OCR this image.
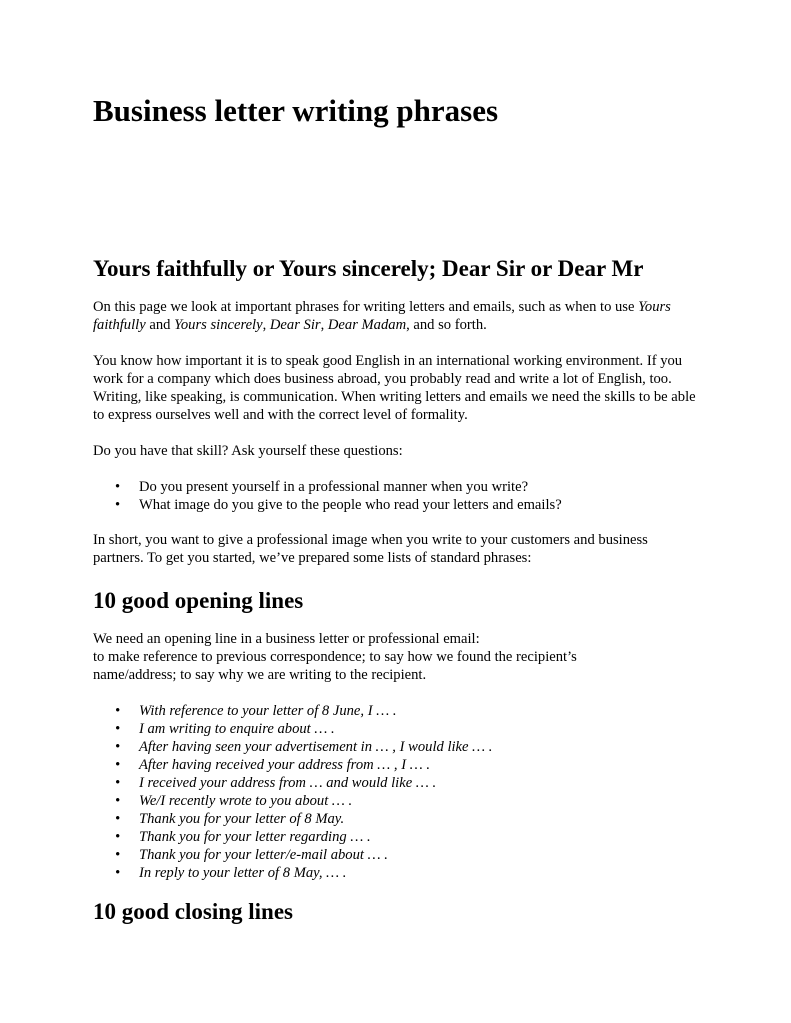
Business letter writing phrases
Yours faithfully or Yours sincerely; Dear Sir or Dear Mr

On this page we look at important phrases for writing letters and emails, such as when to use Yours faithfully and Yours sincerely, Dear Sir, Dear Madam, and so forth.

You know how important it is to speak good English in an international working environment. If you work for a company which does business abroad, you probably read and write a lot of English, too. Writing, like speaking, is communication. When writing letters and emails we need the skills to be able to express ourselves well and with the correct level of formality.

Do you have that skill? Ask yourself these questions:

• Do you present yourself in a professional manner when you write?
• What image do you give to the people who read your letters and emails?

In short, you want to give a professional image when you write to your customers and business partners. To get you started, we’ve prepared some lists of standard phrases:

10 good opening lines

We need an opening line in a business letter or professional email:
to make reference to previous correspondence; to say how we found the recipient’s name/address; to say why we are writing to the recipient.

• With reference to your letter of 8 June, I … .
• I am writing to enquire about … .
• After having seen your advertisement in … , I would like … .
• After having received your address from … , I … .
• I received your address from … and would like … .
• We/I recently wrote to you about … .
• Thank you for your letter of 8 May.
• Thank you for your letter regarding … .
• Thank you for your letter/e-mail about … .
• In reply to your letter of 8 May, … .
10 good closing lines
